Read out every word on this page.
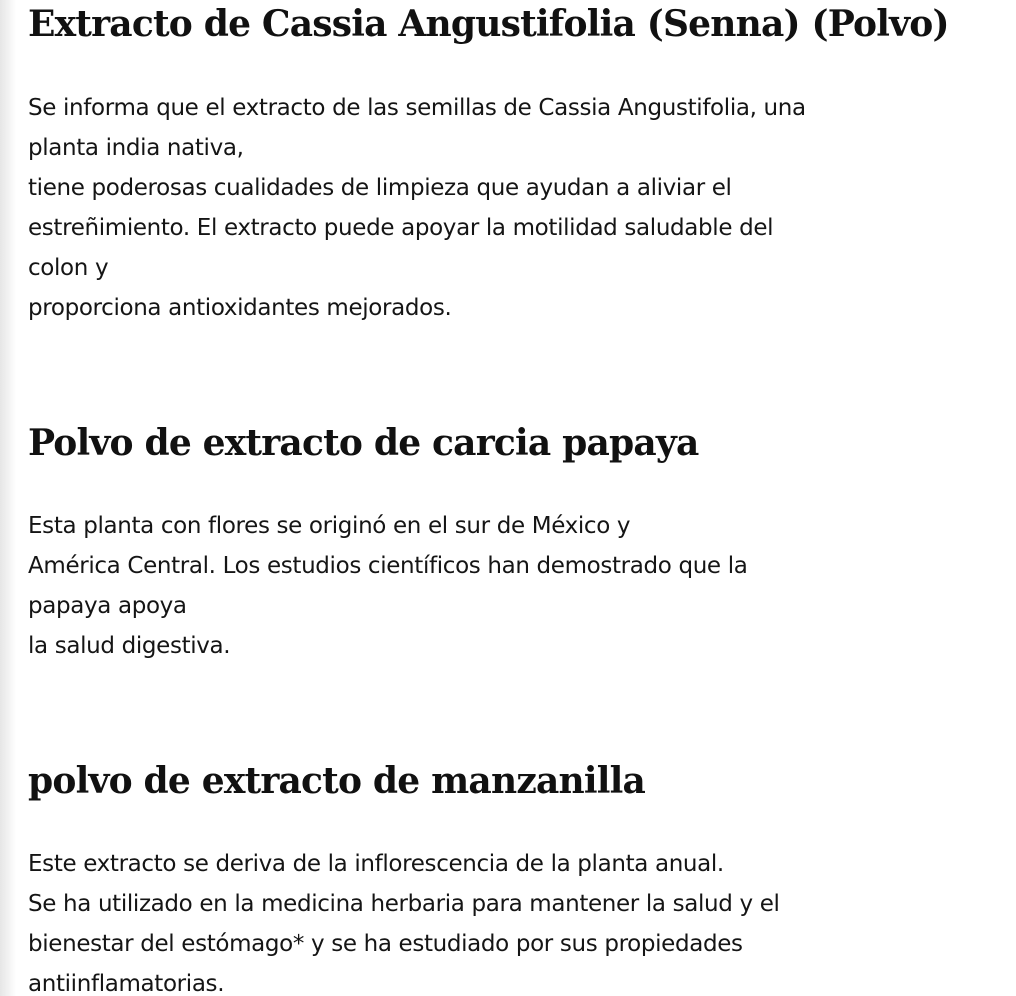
Extracto de Cassia Angustifolia (Senna) (Polvo)

Se informa que el extracto de las semillas de Cassia Angustifolia, una
planta india nativa,
tiene poderosas cualidades de limpieza que ayudan a aliviar el
estreñimiento. El extracto puede apoyar la motilidad saludable del
colon y
proporciona antioxidantes mejorados.

Polvo de extracto de carcia papaya

Esta planta con flores se originó en el sur de México y
América Central. Los estudios científicos han demostrado que la
papaya apoya
la salud digestiva.

polvo de extracto de manzanilla

Este extracto se deriva de la inflorescencia de la planta anual.
Se ha utilizado en la medicina herbaria para mantener la salud y el
bienestar del estómago* y se ha estudiado por sus propiedades
antiinflamatorias.
